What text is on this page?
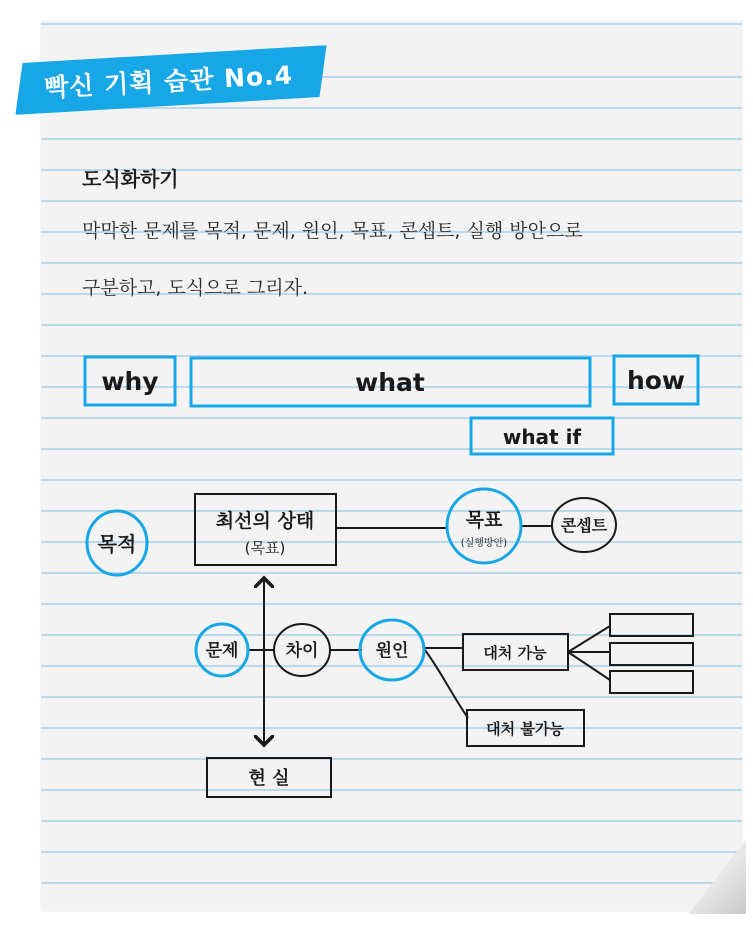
빡신 기획 습관 No.4
도식화하기
막막한 문제를 목적, 문제, 원인, 목표, 콘셉트, 실행 방안으로
구분하고, 도식으로 그리자.
why	what	how
what if
목적
최선의 상태
(목표)
목표
(실행방안)
콘셉트
문제	차이	원인	대처 가능
대처 불가능
현 실
